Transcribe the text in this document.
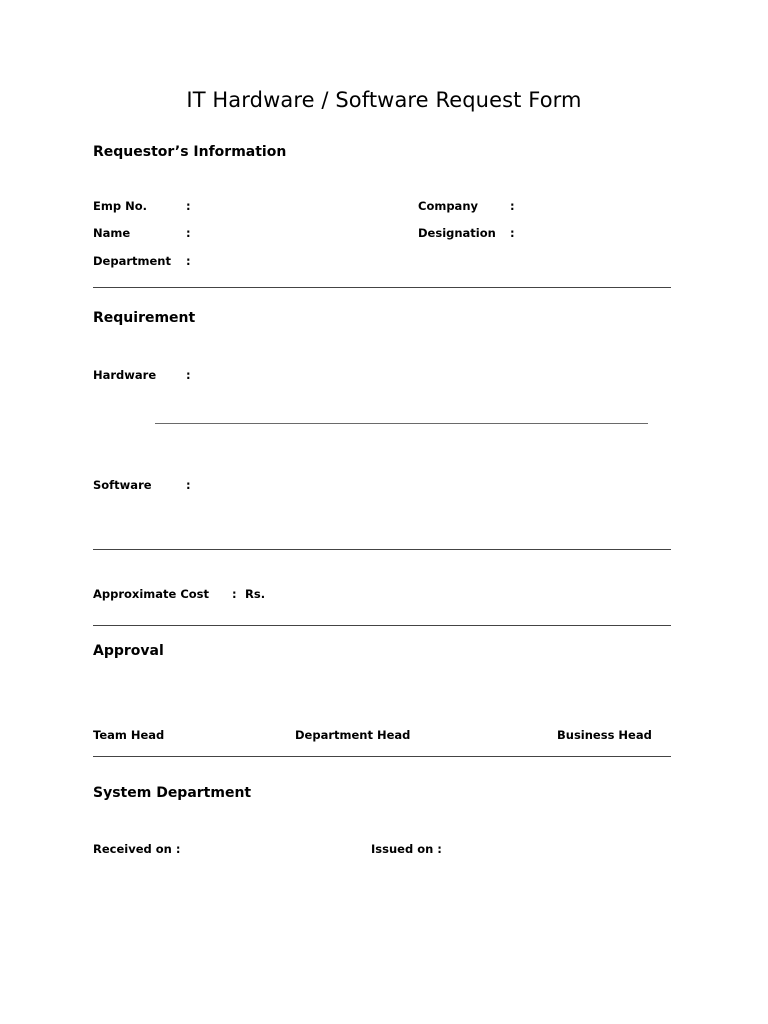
IT Hardware / Software Request Form
Requestor’s Information
Emp No.	:	Company	:
Name	:	Designation :
Department :
Requirement
Hardware	:
Software	:
Approximate Cost : Rs.
Approval
Team Head	Department Head	Business Head
System Department
Received on :	Issued on :
